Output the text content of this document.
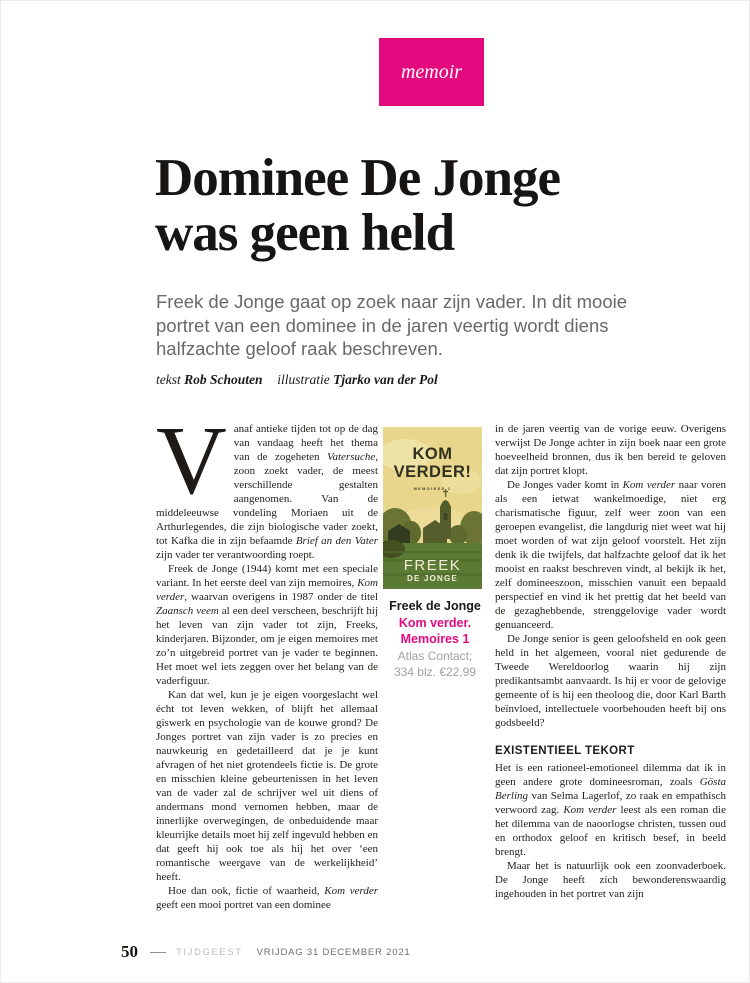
memoir
Dominee De Jonge
was geen held
Freek de Jonge gaat op zoek naar zijn vader. In dit mooie portret van een dominee in de jaren veertig wordt diens halfzachte geloof raak beschreven.
tekst Rob Schouten illustratie Tjarko van der Pol

Vanaf antieke tijden tot op de dag van vandaag heeft het thema van de zogeheten Vatersuche, zoon zoekt vader, de meest verschillende gestalten aangenomen. Van de middeleeuwse vondeling Moriaen uit de Arthurlegendes, die zijn biologische vader zoekt, tot Kafka die in zijn befaamde Brief an den Vater zijn vader ter verantwoording roept.

Freek de Jonge (1944) komt met een speciale variant. In het eerste deel van zijn memoires, Kom verder, waarvan overigens in 1987 onder de titel Zaansch veem al een deel verscheen, beschrijft hij het leven van zijn vader tot zijn, Freeks, kinderjaren. Bijzonder, om je eigen memoires met zo’n uitgebreid portret van je vader te beginnen. Het moet wel iets zeggen over het belang van de vaderfiguur.

Kan dat wel, kun je je eigen voorgeslacht wel écht tot leven wekken, of blijft het allemaal giswerk en psychologie van de kouwe grond? De Jonges portret van zijn vader is zo precies en nauwkeurig en gedetailleerd dat je je kunt afvragen of het niet grotendeels fictie is. De grote en misschien kleine gebeurtenissen in het leven van de vader zal de schrijver wel uit diens of andermans mond vernomen hebben, maar de innerlijke overwegingen, de onbeduidende maar kleurrijke details moet hij zelf ingevuld hebben en dat geeft hij ook toe als hij het over ‘een romantische weergave van de werkelijkheid’ heeft.

Hoe dan ook, fictie of waarheid, Kom verder geeft een mooi portret van een dominee

KOM
VERDER!
MEMOIRES 1
FREEK
DE JONGE
Freek de Jonge
Kom verder.
Memoires 1
Atlas Contact;
334 blz. €22,99

in de jaren veertig van de vorige eeuw. Overigens verwijst De Jonge achter in zijn boek naar een grote hoeveelheid bronnen, dus ik ben bereid te geloven dat zijn portret klopt.

De Jonges vader komt in Kom verder naar voren als een ietwat wankelmoedige, niet erg charismatische figuur, zelf weer zoon van een geroepen evangelist, die langdurig niet weet wat hij moet worden of wat zijn geloof voorstelt. Het zijn denk ik die twijfels, dat halfzachte geloof dat ik het mooist en raakst beschreven vindt, al bekijk ik het, zelf domineeszoon, misschien vanuit een bepaald perspectief en vind ik het prettig dat het beeld van de gezaghebbende, strenggelovige vader wordt genuanceerd.

De Jonge senior is geen geloofsheld en ook geen held in het algemeen, vooral niet gedurende de Tweede Wereldoorlog waarin hij zijn predikantsambt aanvaardt. Is hij er voor de gelovige gemeente of is hij een theoloog die, door Karl Barth beïnvloed, intellectuele voorbehouden heeft bij ons godsbeeld?

EXISTENTIEEL TEKORT

Het is een rationeel-emotioneel dilemma dat ik in geen andere grote domineesroman, zoals Gösta Berling van Selma Lagerlof, zo raak en empathisch verwoord zag. Kom verder leest als een roman die het dilemma van de naoorlogse christen, tussen oud en orthodox geloof en kritisch besef, in beeld brengt.

Maar het is natuurlijk ook een zoonvaderboek. De Jonge heeft zich bewonderenswaardig ingehouden in het portret van zijn

50	TIJDGEEST VRIJDAG 31 DECEMBER 2021
